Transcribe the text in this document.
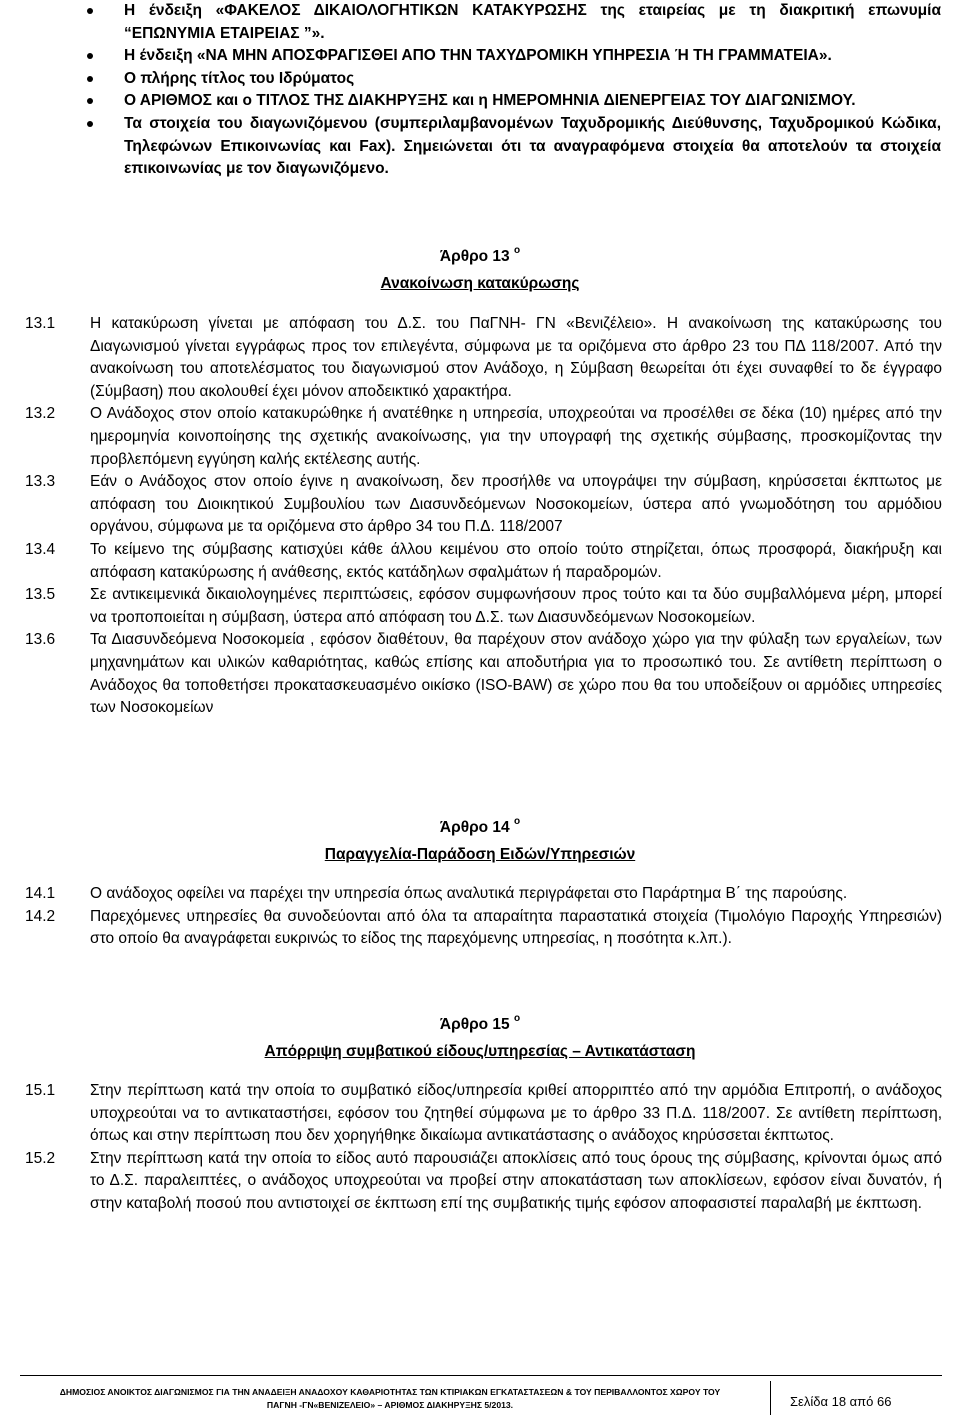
Η ένδειξη «ΦΑΚΕΛΟΣ ΔΙΚΑΙΟΛΟΓΗΤΙΚΩΝ ΚΑΤΑΚΥΡΩΣΗΣ της εταιρείας με τη διακριτική επωνυμία “ΕΠΩΝΥΜΙΑ ΕΤΑΙΡΕΙΑΣ ”».
Η ένδειξη «ΝΑ ΜΗΝ ΑΠΟΣΦΡΑΓΙΣΘΕΙ ΑΠΟ ΤΗΝ ΤΑΧΥΔΡΟΜΙΚΗ ΥΠΗΡΕΣΙΑ Ή ΤΗ ΓΡΑΜΜΑΤΕΙΑ».
Ο πλήρης τίτλος του Ιδρύματος
Ο ΑΡΙΘΜΟΣ και ο ΤΙΤΛΟΣ ΤΗΣ ΔΙΑΚΗΡΥΞΗΣ και η ΗΜΕΡΟΜΗΝΙΑ ΔΙΕΝΕΡΓΕΙΑΣ ΤΟΥ ΔΙΑΓΩΝΙΣΜΟΥ.
Τα στοιχεία του διαγωνιζόμενου (συμπεριλαμβανομένων Ταχυδρομικής Διεύθυνσης, Ταχυδρομικού Κώδικα, Τηλεφώνων Επικοινωνίας και Fax). Σημειώνεται ότι τα αναγραφόμενα στοιχεία θα αποτελούν τα στοιχεία επικοινωνίας με τον διαγωνιζόμενο.
Άρθρο 13 $^o$
Ανακοίνωση κατακύρωσης
13.1 Η κατακύρωση γίνεται με απόφαση του Δ.Σ. του ΠαΓΝΗ- ΓΝ «Βενιζέλειο». Η ανακοίνωση της κατακύρωσης του Διαγωνισμού γίνεται εγγράφως προς τον επιλεγέντα, σύμφωνα με τα οριζόμενα στο άρθρο 23 του ΠΔ 118/2007. Από την ανακοίνωση του αποτελέσματος του διαγωνισμού στον Ανάδοχο, η Σύμβαση θεωρείται ότι έχει συναφθεί το δε έγγραφο (Σύμβαση) που ακολουθεί έχει μόνον αποδεικτικό χαρακτήρα.
13.2 Ο Ανάδοχος στον οποίο κατακυρώθηκε ή ανατέθηκε η υπηρεσία, υποχρεούται να προσέλθει σε δέκα (10) ημέρες από την ημερομηνία κοινοποίησης της σχετικής ανακοίνωσης, για την υπογραφή της σχετικής σύμβασης, προσκομίζοντας την προβλεπόμενη εγγύηση καλής εκτέλεσης αυτής.
13.3 Εάν ο Ανάδοχος στον οποίο έγινε η ανακοίνωση, δεν προσήλθε να υπογράψει την σύμβαση, κηρύσσεται έκπτωτος με απόφαση του Διοικητικού Συμβουλίου των Διασυνδεόμενων Νοσοκομείων, ύστερα από γνωμοδότηση του αρμόδιου οργάνου, σύμφωνα με τα οριζόμενα στο άρθρο 34 του Π.Δ. 118/2007
13.4 Το κείμενο της σύμβασης κατισχύει κάθε άλλου κειμένου στο οποίο τούτο στηρίζεται, όπως προσφορά, διακήρυξη και απόφαση κατακύρωσης ή ανάθεσης, εκτός κατάδηλων σφαλμάτων ή παραδρομών.
13.5 Σε αντικειμενικά δικαιολογημένες περιπτώσεις, εφόσον συμφωνήσουν προς τούτο και τα δύο συμβαλλόμενα μέρη, μπορεί να τροποποιείται η σύμβαση, ύστερα από απόφαση του Δ.Σ. των Διασυνδεόμενων Νοσοκομείων.
13.6 Τα Διασυνδεόμενα Νοσοκομεία , εφόσον διαθέτουν, θα παρέχουν στον ανάδοχο χώρο για την φύλαξη των εργαλείων, των μηχανημάτων και υλικών καθαριότητας, καθώς επίσης και αποδυτήρια για το προσωπικό του. Σε αντίθετη περίπτωση ο Ανάδοχος θα τοποθετήσει προκατασκευασμένο οικίσκο (ISO-BAW) σε χώρο που θα του υποδείξουν οι αρμόδιες υπηρεσίες των Νοσοκομείων
Άρθρο 14 $^o$
Παραγγελία-Παράδοση Ειδών/Υπηρεσιών
14.1 Ο ανάδοχος οφείλει να παρέχει την υπηρεσία όπως αναλυτικά περιγράφεται στο Παράρτημα Β΄ της παρούσης.
14.2 Παρεχόμενες υπηρεσίες θα συνοδεύονται από όλα τα απαραίτητα παραστατικά στοιχεία (Τιμολόγιο Παροχής Υπηρεσιών) στο οποίο θα αναγράφεται ευκρινώς το είδος της παρεχόμενης υπηρεσίας, η ποσότητα κ.λπ.).
Άρθρο 15 $^o$
Απόρριψη συμβατικού είδους/υπηρεσίας – Αντικατάσταση
15.1 Στην περίπτωση κατά την οποία το συμβατικό είδος/υπηρεσία κριθεί απορριπτέο από την αρμόδια Επιτροπή, ο ανάδοχος υποχρεούται να το αντικαταστήσει, εφόσον του ζητηθεί σύμφωνα με το άρθρο 33 Π.Δ. 118/2007. Σε αντίθετη περίπτωση, όπως και στην περίπτωση που δεν χορηγήθηκε δικαίωμα αντικατάστασης ο ανάδοχος κηρύσσεται έκπτωτος.
15.2 Στην περίπτωση κατά την οποία το είδος αυτό παρουσιάζει αποκλίσεις από τους όρους της σύμβασης, κρίνονται όμως από το Δ.Σ. παραλειπτέες, ο ανάδοχος υποχρεούται να προβεί στην αποκατάσταση των αποκλίσεων, εφόσον είναι δυνατόν, ή στην καταβολή ποσού που αντιστοιχεί σε έκπτωση επί της συμβατικής τιμής εφόσον αποφασιστεί παραλαβή με έκπτωση.
ΔΗΜΟΣΙΟΣ ΑΝΟΙΚΤΟΣ ΔΙΑΓΩΝΙΣΜΟΣ ΓΙΑ ΤΗΝ ΑΝΑΔΕΙΞΗ ΑΝΑΔΟΧΟΥ ΚΑΘΑΡΙΟΤΗΤΑΣ ΤΩΝ ΚΤΙΡΙΑΚΩΝ ΕΓΚΑΤΑΣΤΑΣΕΩΝ & ΤΟΥ ΠΕΡΙΒΑΛΛΟΝΤΟΣ ΧΩΡΟΥ ΤΟΥ
ΠΑΓΝΗ -ΓΝ«ΒΕΝΙΖΕΛΕΙΟ» – ΑΡΙΘΜΟΣ ΔΙΑΚΗΡΥΞΗΣ 5/2013.	Σελίδα 18 από 66
